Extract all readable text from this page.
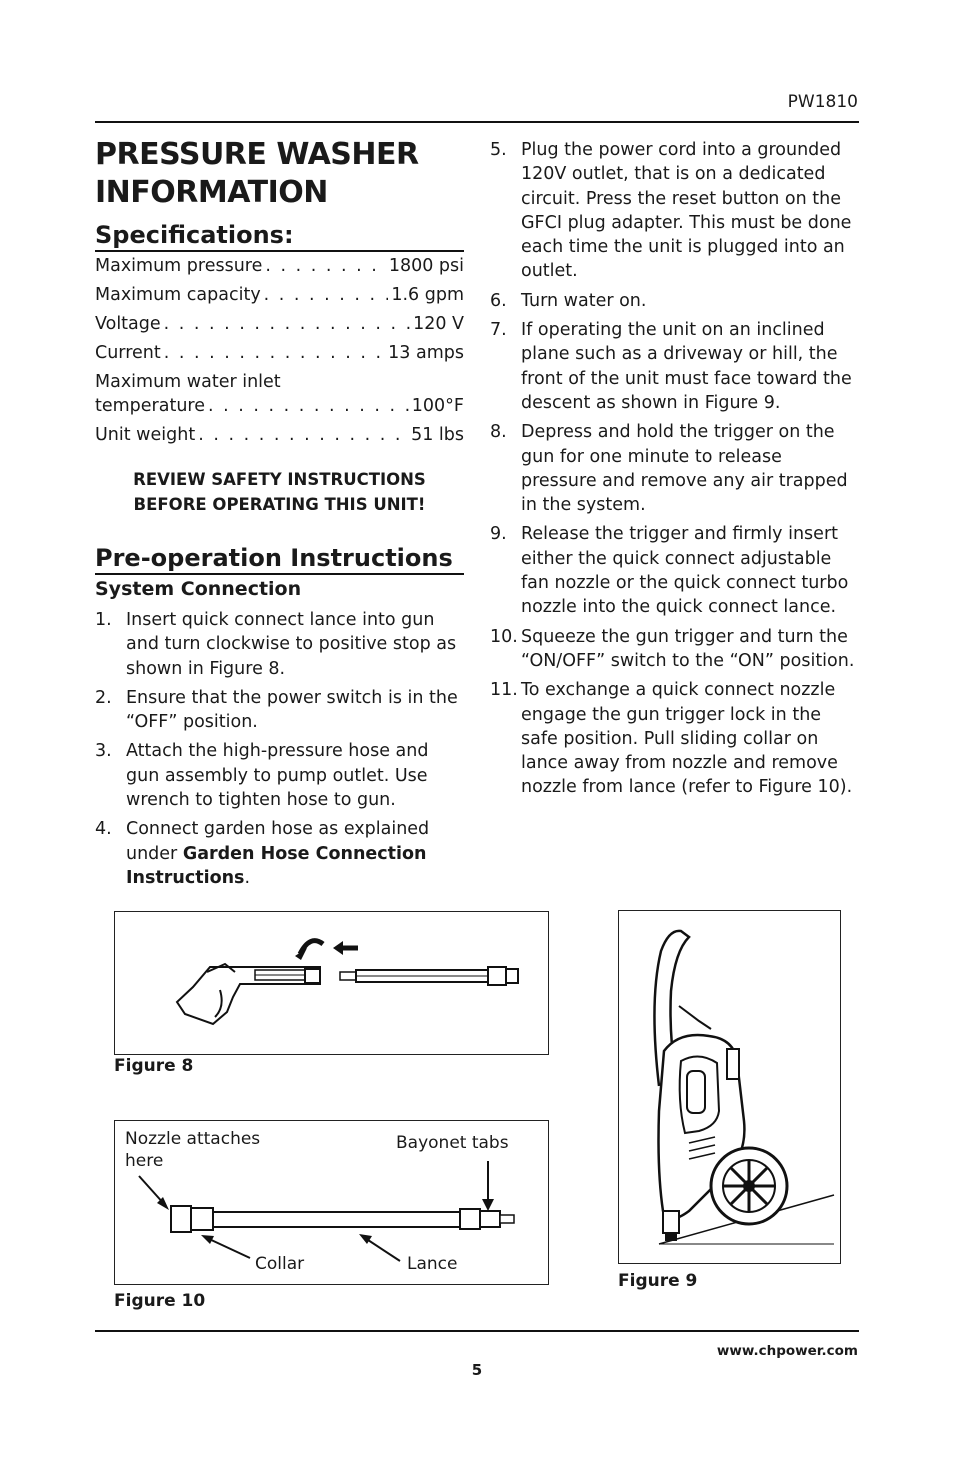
PW1810
PRESSURE WASHER INFORMATION
Specifications:
Maximum pressure . . .	1800 psi
Maximum capacity . . .	1.6 gpm
Voltage . . .	120 V
Current . . .	13 amps
Maximum water inlet
temperature . . .	100°F
Unit weight . . .	51 lbs
REVIEW SAFETY INSTRUCTIONS
BEFORE OPERATING THIS UNIT!
Pre-operation Instructions
System Connection
1. Insert quick connect lance into gun and turn clockwise to positive stop as shown in Figure 8.
2. Ensure that the power switch is in the “OFF” position.
3. Attach the high-pressure hose and gun assembly to pump outlet. Use wrench to tighten hose to gun.
4. Connect garden hose as explained under Garden Hose Connection Instructions.
5. Plug the power cord into a grounded 120V outlet, that is on a dedicated circuit. Press the reset button on the GFCI plug adapter. This must be done each time the unit is plugged into an outlet.
6. Turn water on.
7. If operating the unit on an inclined plane such as a driveway or hill, the front of the unit must face toward the descent as shown in Figure 9.
8. Depress and hold the trigger on the gun for one minute to release pressure and remove any air trapped in the system.
9. Release the trigger and firmly insert either the quick connect adjustable fan nozzle or the quick connect turbo nozzle into the quick connect lance.
10. Squeeze the gun trigger and turn the “ON/OFF” switch to the “ON” position.
11. To exchange a quick connect nozzle engage the gun trigger lock in the safe position. Pull sliding collar on lance away from nozzle and remove nozzle from lance (refer to Figure 10).
Figure 8
Nozzle attaches
here
Bayonet tabs
Collar	Lance
Figure 10
Figure 9
www.chpower.com
5
